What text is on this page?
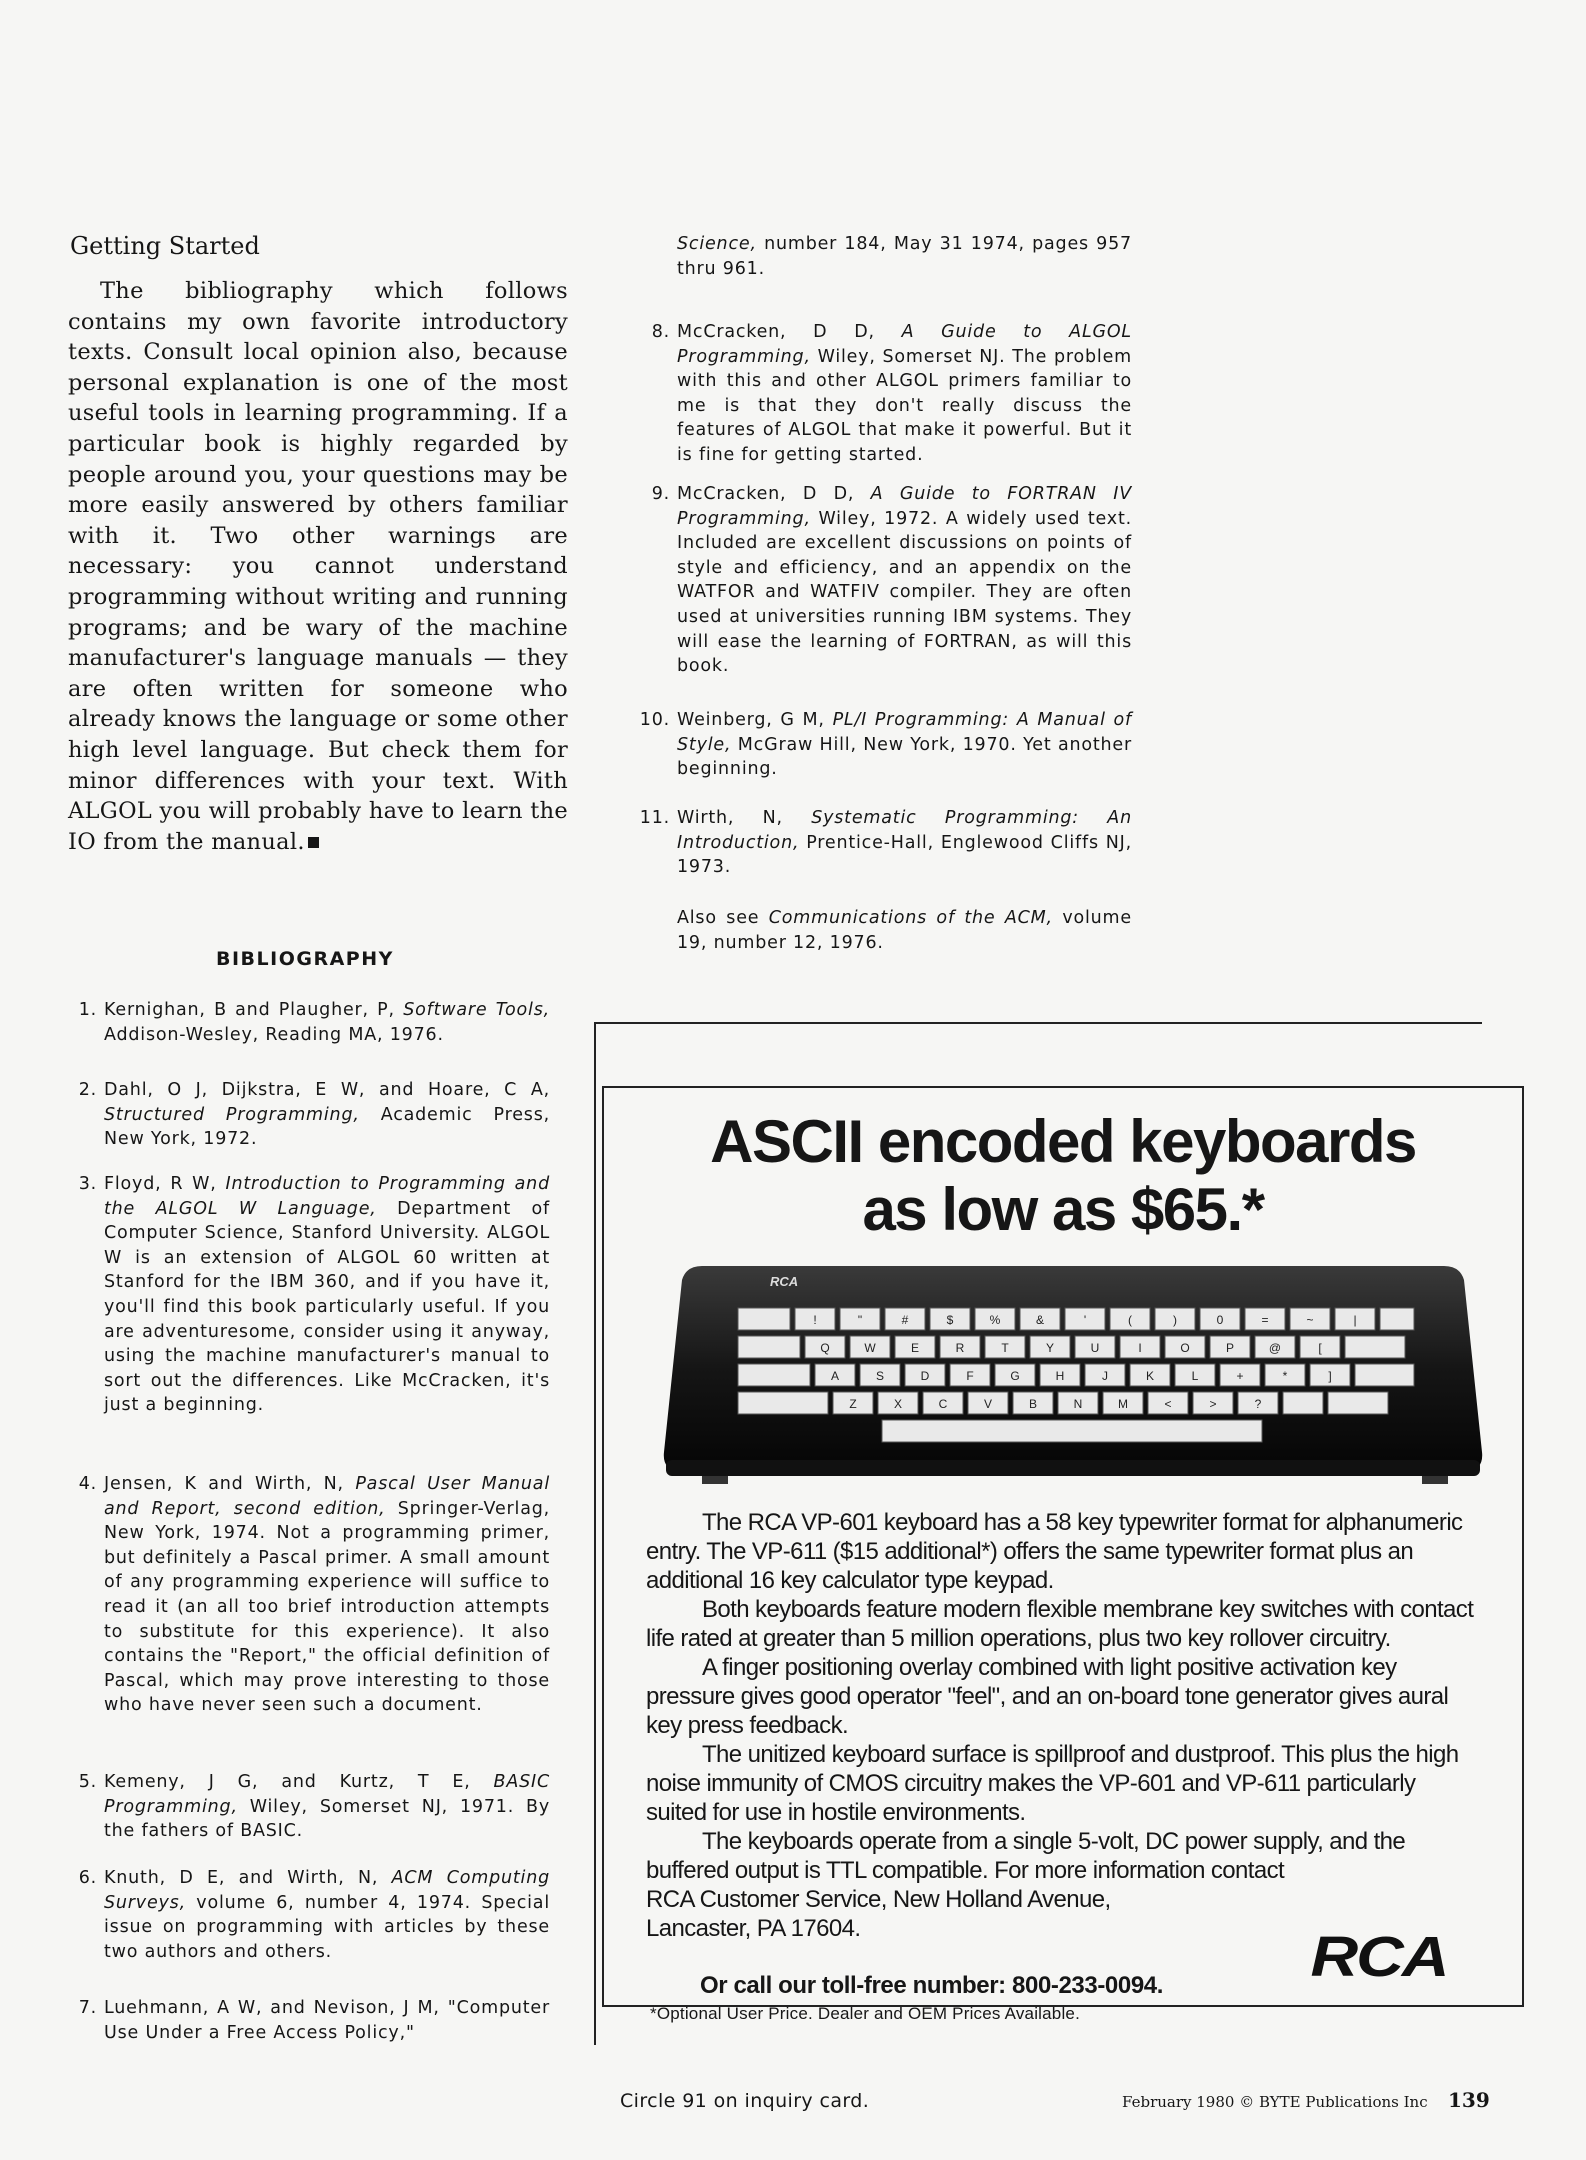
Getting Started
The bibliography which follows contains my own favorite introductory texts. Consult local opinion also, because personal explanation is one of the most useful tools in learning programming. If a particular book is highly regarded by people around you, your questions may be more easily answered by others familiar with it. Two other warnings are necessary: you cannot understand programming without writing and running programs; and be wary of the machine manufacturer's language manuals — they are often written for someone who already knows the language or some other high level language. But check them for minor differences with your text. With ALGOL you will probably have to learn the IO from the manual.
BIBLIOGRAPHY
1. Kernighan, B and Plaugher, P, Software Tools, Addison-Wesley, Reading MA, 1976.
2. Dahl, O J, Dijkstra, E W, and Hoare, C A, Structured Programming, Academic Press, New York, 1972.
3. Floyd, R W, Introduction to Programming and the ALGOL W Language, Department of Computer Science, Stanford University. ALGOL W is an extension of ALGOL 60 written at Stanford for the IBM 360, and if you have it, you'll find this book particularly useful. If you are adventuresome, consider using it anyway, using the machine manufacturer's manual to sort out the differences. Like McCracken, it's just a beginning.
4. Jensen, K and Wirth, N, Pascal User Manual and Report, second edition, Springer-Verlag, New York, 1974. Not a programming primer, but definitely a Pascal primer. A small amount of any programming experience will suffice to read it (an all too brief introduction attempts to substitute for this experience). It also contains the "Report," the official definition of Pascal, which may prove interesting to those who have never seen such a document.
5. Kemeny, J G, and Kurtz, T E, BASIC Programming, Wiley, Somerset NJ, 1971. By the fathers of BASIC.
6. Knuth, D E, and Wirth, N, ACM Computing Surveys, volume 6, number 4, 1974. Special issue on programming with articles by these two authors and others.
7. Luehmann, A W, and Nevison, J M, "Computer Use Under a Free Access Policy,"
Science, number 184, May 31 1974, pages 957 thru 961.
8. McCracken, D D, A Guide to ALGOL Programming, Wiley, Somerset NJ. The problem with this and other ALGOL primers familiar to me is that they don't really discuss the features of ALGOL that make it powerful. But it is fine for getting started.
9. McCracken, D D, A Guide to FORTRAN IV Programming, Wiley, 1972. A widely used text. Included are excellent discussions on points of style and efficiency, and an appendix on the WATFOR and WATFIV compiler. They are often used at universities running IBM systems. They will ease the learning of FORTRAN, as will this book.
10. Weinberg, G M, PL/I Programming: A Manual of Style, McGraw Hill, New York, 1970. Yet another beginning.
11. Wirth, N, Systematic Programming: An Introduction, Prentice-Hall, Englewood Cliffs NJ, 1973.
Also see Communications of the ACM, volume 19, number 12, 1976.
ASCII encoded keyboards
as low as $65.*
RCA
!	"	#	$	%	&	'	(	)	0	=	~	|
Q	W	E	R	T	Y	U	I	O	P	@	[
A	S	D	F	G	H	J	K	L	+	*	]
Z	X	C	V	B	N	M	<	>	?

The RCA VP-601 keyboard has a 58 key typewriter format for alphanumeric entry. The VP-611 ($15 additional*) offers the same typewriter format plus an additional 16 key calculator type keypad.

Both keyboards feature modern flexible membrane key switches with contact life rated at greater than 5 million operations, plus two key rollover circuitry.

A finger positioning overlay combined with light positive activation key pressure gives good operator "feel", and an on-board tone generator gives aural key press feedback.

The unitized keyboard surface is spillproof and dustproof. This plus the high noise immunity of CMOS circuitry makes the VP-601 and VP-611 particularly suited for use in hostile environments.

The keyboards operate from a single 5-volt, DC power supply, and the buffered output is TTL compatible. For more information contact

RCA Customer Service, New Holland Avenue,
Lancaster, PA 17604.
Or call our toll-free number: 800-233-0094.
*Optional User Price. Dealer and OEM Prices Available.
RCA
Circle 91 on inquiry card.	February 1980 © BYTE Publications Inc 139
